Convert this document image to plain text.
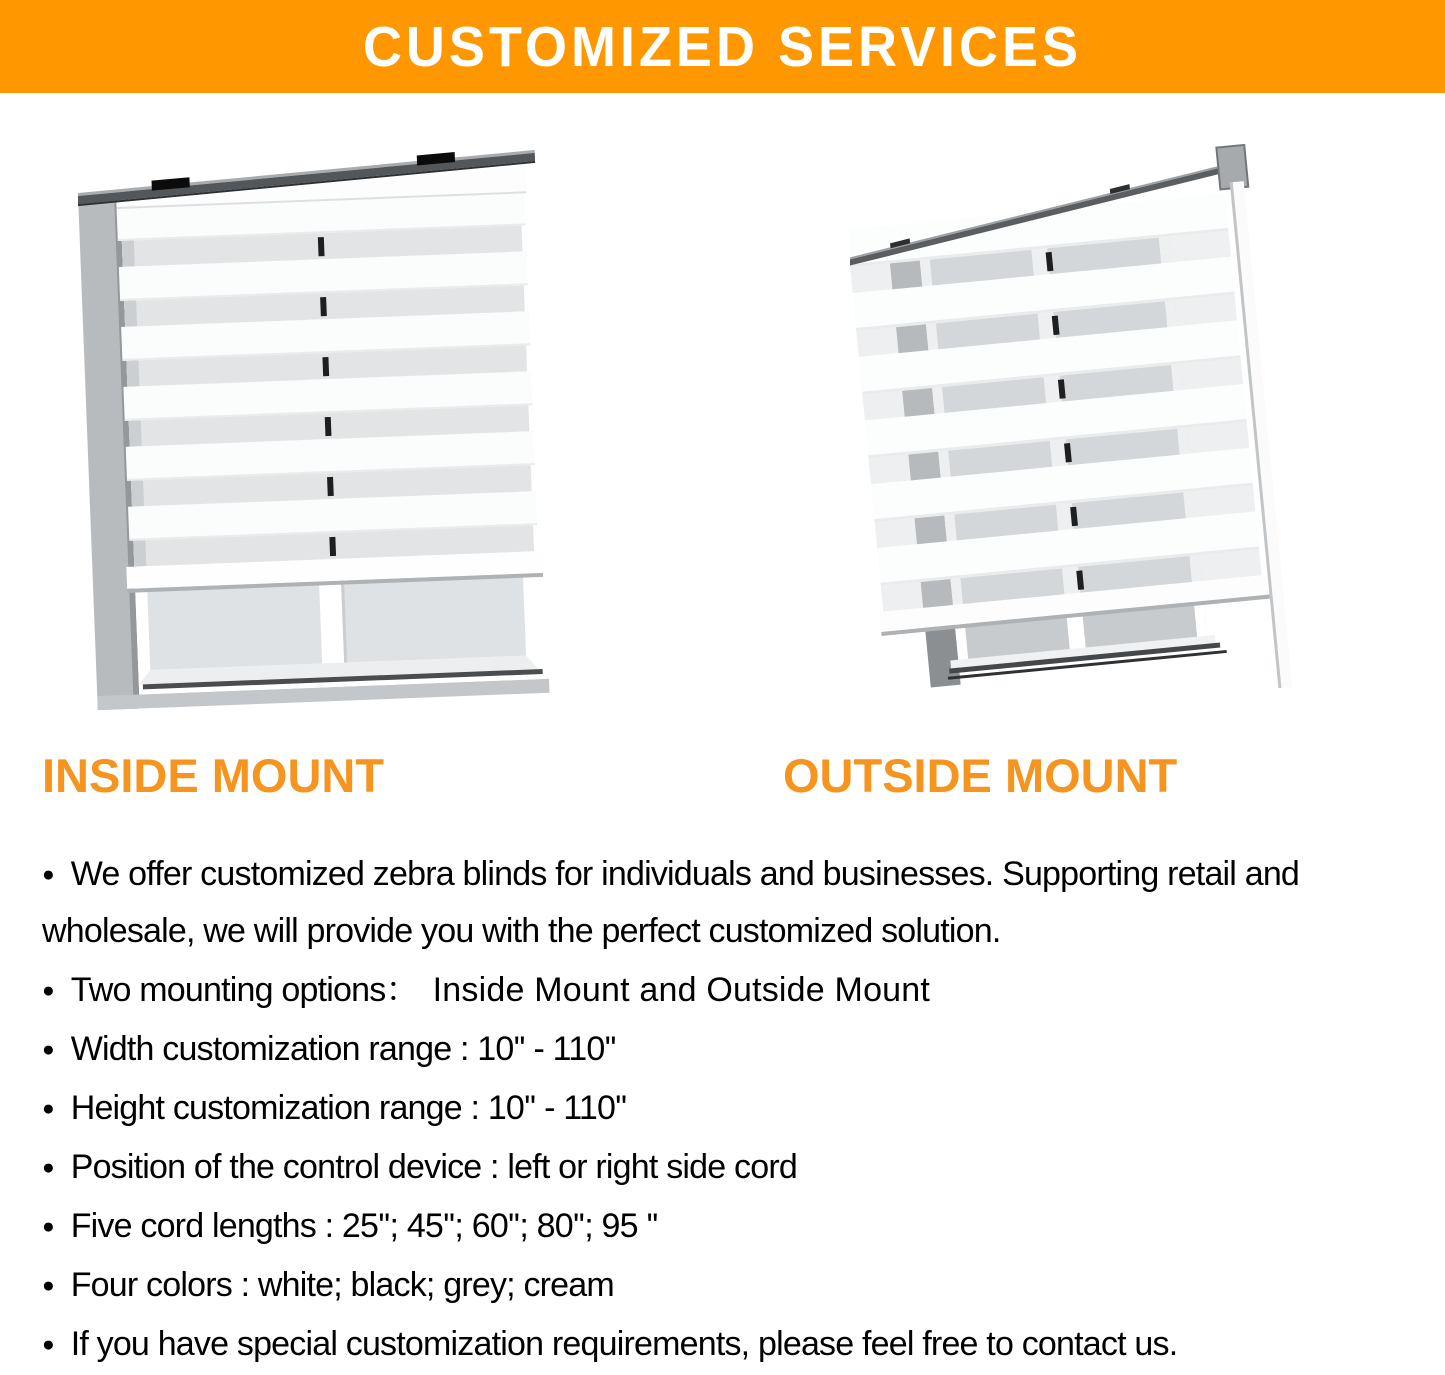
CUSTOMIZED SERVICES
INSIDE MOUNT	OUTSIDE MOUNT
● We offer customized zebra blinds for individuals and businesses. Supporting retail and wholesale, we will provide you with the perfect customized solution.
● Two mounting options： Inside Mount and Outside Mount
● Width customization range : 10'' - 110''
● Height customization range : 10'' - 110''
● Position of the control device : left or right side cord
● Five cord lengths : 25''; 45''; 60''; 80''; 95 ''
● Four colors : white; black; grey; cream
● If you have special customization requirements, please feel free to contact us.
